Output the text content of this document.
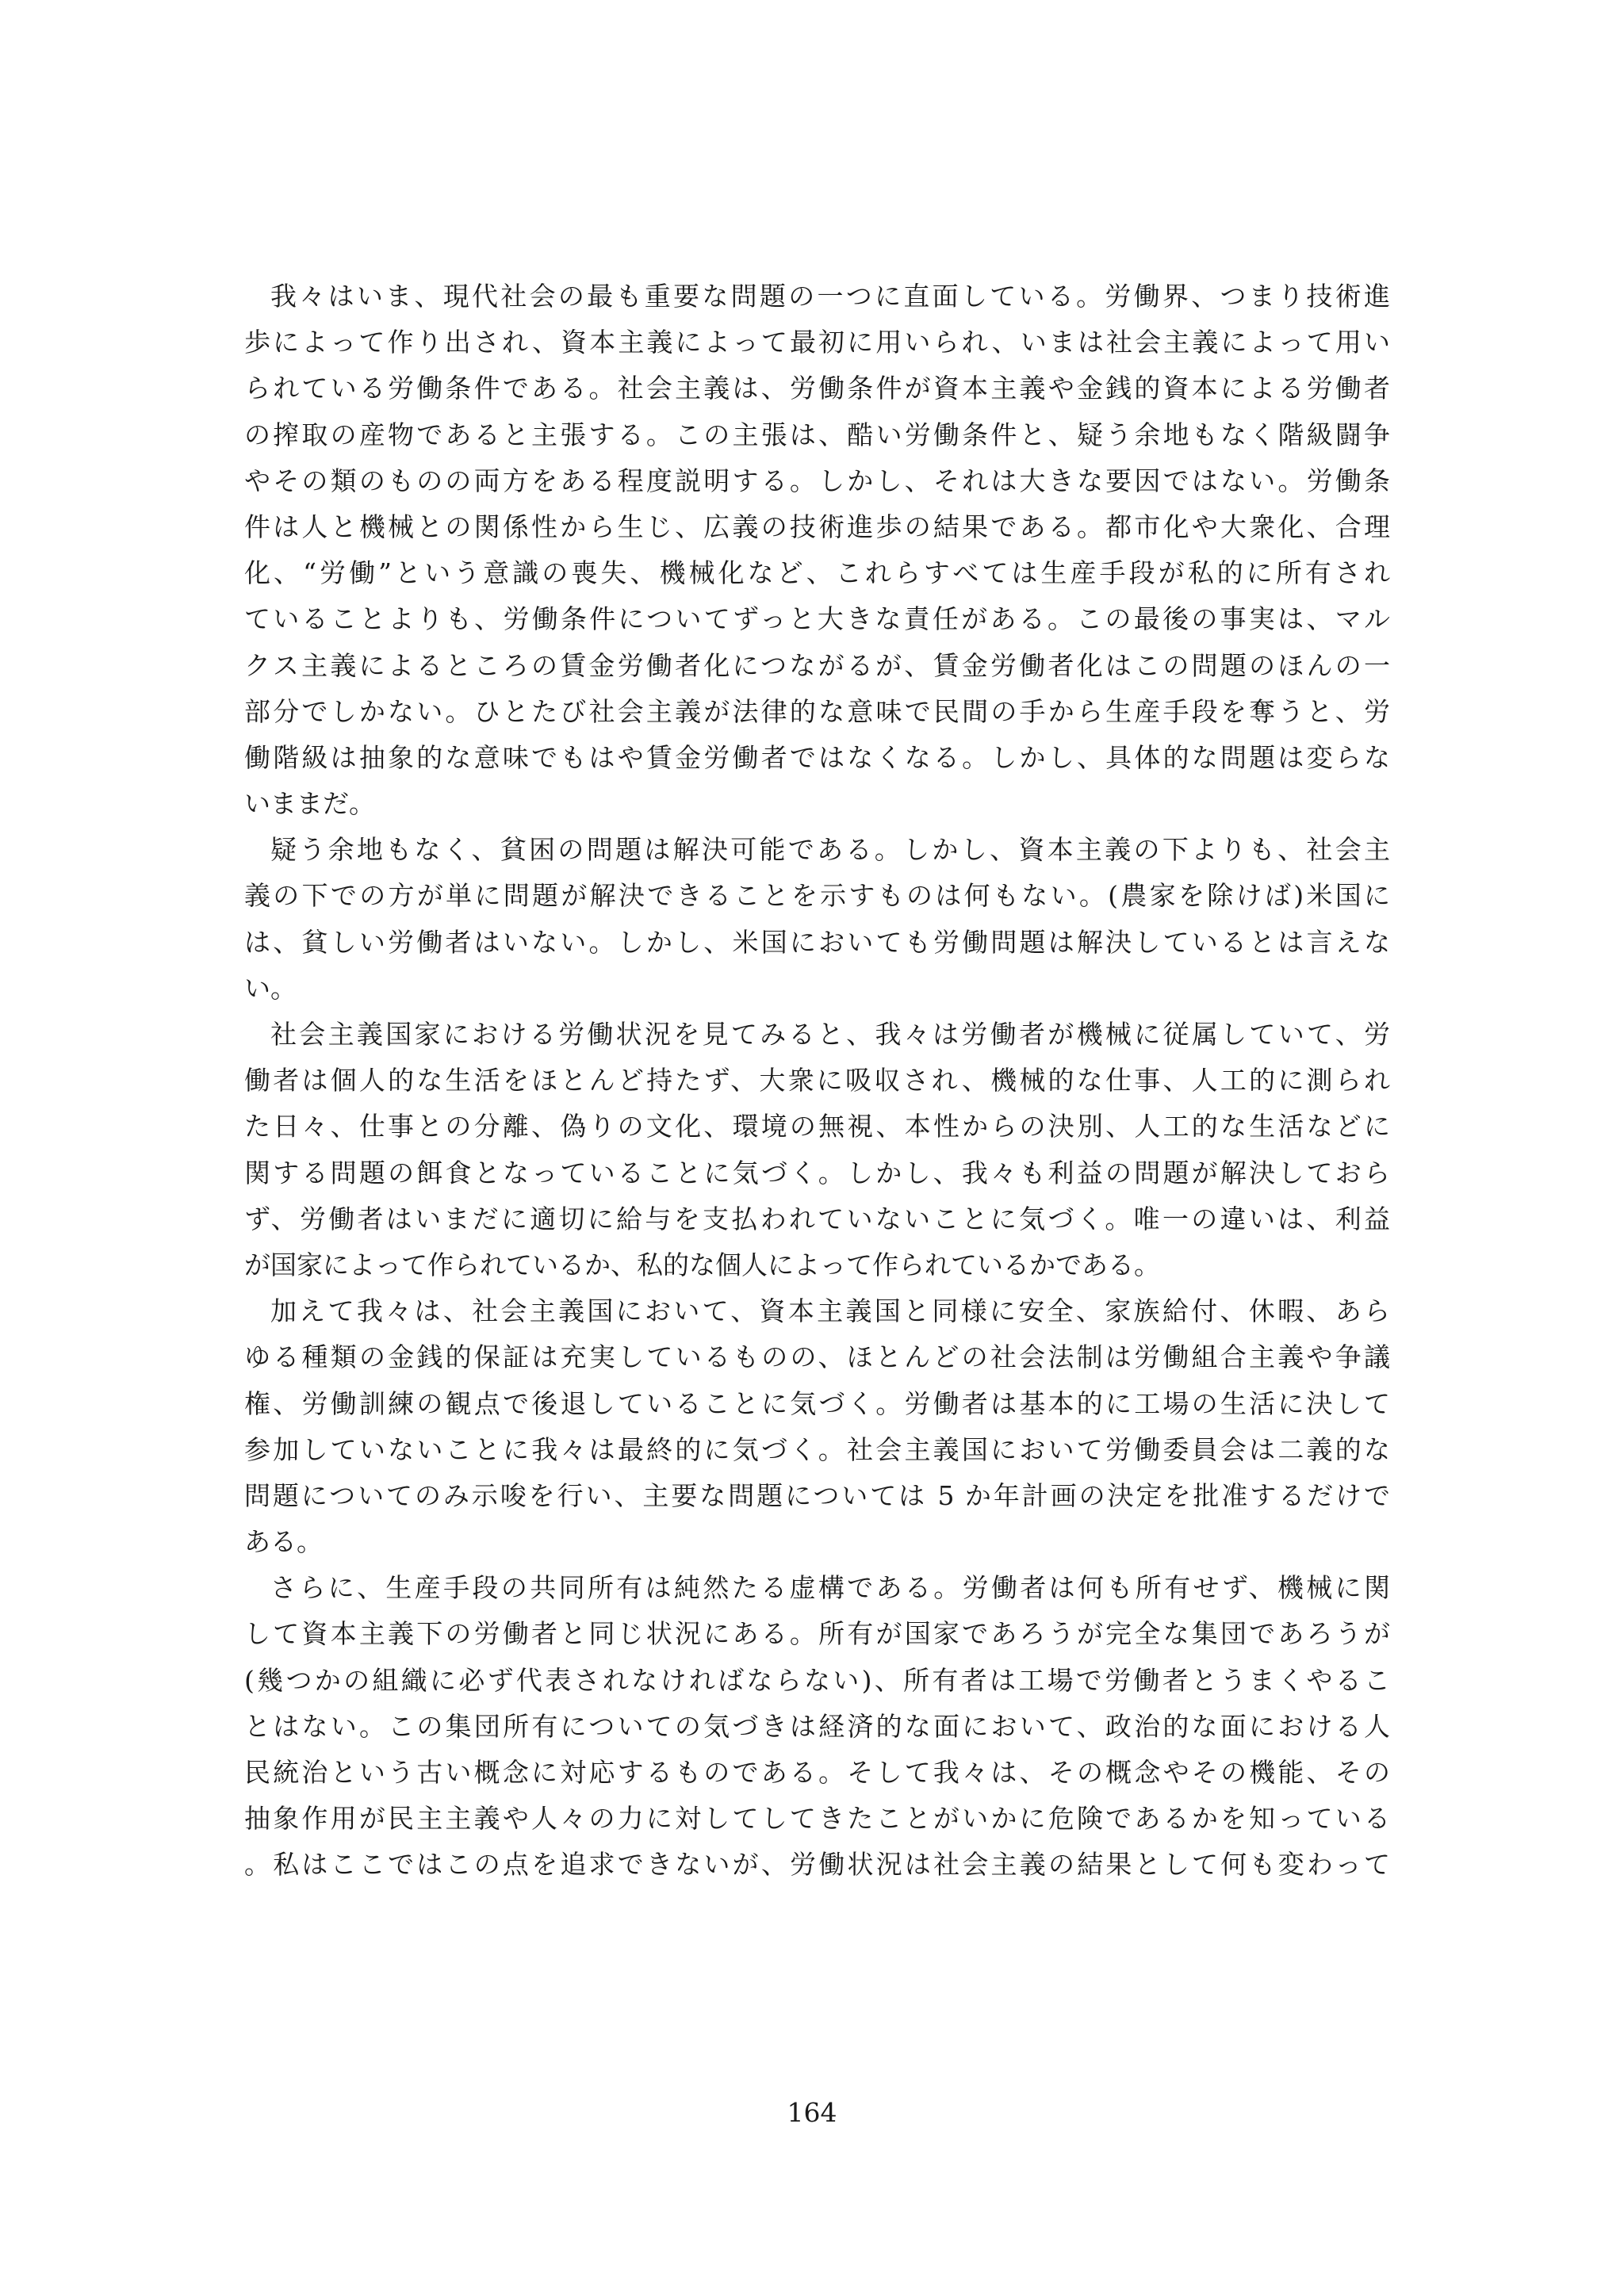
我々はいま、現代社会の最も重要な問題の一つに直面している。労働界、つまり技術進
歩によって作り出され、資本主義によって最初に用いられ、いまは社会主義によって用い
られている労働条件である。社会主義は、労働条件が資本主義や金銭的資本による労働者
の搾取の産物であると主張する。この主張は、酷い労働条件と、疑う余地もなく階級闘争
やその類のものの両方をある程度説明する。しかし、それは大きな要因ではない。労働条
件は人と機械との関係性から生じ、広義の技術進歩の結果である。都市化や大衆化、合理
化、“労働”という意識の喪失、機械化など、これらすべては生産手段が私的に所有され
ていることよりも、労働条件についてずっと大きな責任がある。この最後の事実は、マル
クス主義によるところの賃金労働者化につながるが、賃金労働者化はこの問題のほんの一
部分でしかない。ひとたび社会主義が法律的な意味で民間の手から生産手段を奪うと、労
働階級は抽象的な意味でもはや賃金労働者ではなくなる。しかし、具体的な問題は変らな
いままだ。
疑う余地もなく、貧困の問題は解決可能である。しかし、資本主義の下よりも、社会主
義の下での方が単に問題が解決できることを示すものは何もない。(農家を除けば)米国に
は、貧しい労働者はいない。しかし、米国においても労働問題は解決しているとは言えな
い。
社会主義国家における労働状況を見てみると、我々は労働者が機械に従属していて、労
働者は個人的な生活をほとんど持たず、大衆に吸収され、機械的な仕事、人工的に測られ
た日々、仕事との分離、偽りの文化、環境の無視、本性からの決別、人工的な生活などに
関する問題の餌食となっていることに気づく。しかし、我々も利益の問題が解決しておら
ず、労働者はいまだに適切に給与を支払われていないことに気づく。唯一の違いは、利益
が国家によって作られているか、私的な個人によって作られているかである。
加えて我々は、社会主義国において、資本主義国と同様に安全、家族給付、休暇、あら
ゆる種類の金銭的保証は充実しているものの、ほとんどの社会法制は労働組合主義や争議
権、労働訓練の観点で後退していることに気づく。労働者は基本的に工場の生活に決して
参加していないことに我々は最終的に気づく。社会主義国において労働委員会は二義的な
問題についてのみ示唆を行い、主要な問題については 5 か年計画の決定を批准するだけで
ある。
さらに、生産手段の共同所有は純然たる虚構である。労働者は何も所有せず、機械に関
して資本主義下の労働者と同じ状況にある。所有が国家であろうが完全な集団であろうが
(幾つかの組織に必ず代表されなければならない)、所有者は工場で労働者とうまくやるこ
とはない。この集団所有についての気づきは経済的な面において、政治的な面における人
民統治という古い概念に対応するものである。そして我々は、その概念やその機能、その
抽象作用が民主主義や人々の力に対してしてきたことがいかに危険であるかを知っている
。私はここではこの点を追求できないが、労働状況は社会主義の結果として何も変わって
164
